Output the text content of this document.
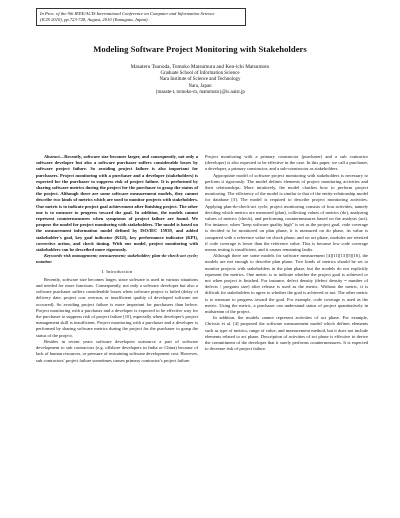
In Proc. of the 9th IEEE/ACIS International Conference on Computer and Information Science
(ICIS 2010), pp.723-728, August, 2010 (Yamagata, Japan).
Modeling Software Project Monitoring with Stakeholders
Masateru Tsunoda, Tomoko Matsumura and Ken-ichi Matsumoto
Graduate School of Information Science
Nara Institute of Science and Technology
Nara, Japan
{masate-t, tomoko-m, matumoto}@is.naist.jp

Abstract—Recently, software size becomes larger, and consequently, not only a software developer but also a software purchaser suffers considerable losses by software project failure. So avoiding project failure is also important for purchasers. Project monitoring with a purchaser and a developer (stakeholders) is expected for the purchaser to suppress risk of project failure. It is performed by sharing software metrics during the project for the purchaser to grasp the status of the project. Although there are some software measurement models, they cannot describe two kinds of metrics which are used to monitor projects with stakeholders. One metric is to indicate project goal achievement after finishing project. The other one is to measure to progress toward the goal. In addition, the models cannot represent countermeasures when symptoms of project failure are found. We propose the model for project monitoring with stakeholders. The model is based on the measurement information model defined by ISO/IEC 15939, and added stakeholder's goal, key goal indicator (KGI), key performance indicator (KPI), corrective action, and check timing. With our model, project monitoring with stakeholders can be described more rigorously.

Keywords-risk management; measurement; stakeholder; plan-do-check-act cycle; notation

I. Introduction

Recently, software size becomes larger, since software is used in various situations and needed for more functions. Consequently, not only a software developer but also a software purchaser suffers considerable losses when software project is failed (delay of delivery date, project cost overrun, or insufficient quality of developed software are occurred). So avoiding project failure is more important for purchasers than before. Project monitoring with a purchaser and a developer is expected to be effective way for the purchaser to suppress risk of project failure [10], especially when developer's project management skill is insufficient. Project monitoring with a purchaser and a developer is performed by sharing software metrics during the project for the purchaser to grasp the status of the project.

Besides in recent years software developers outsource a part of software development to sub contractors (e.g. offshore developers in India or China) because of lack of human resources, or pressure of restraining software development cost. However, sub contractors' project failure sometimes causes primary contractor's project failure.

Project monitoring with a primary constructor (purchaser) and a sub contractor (developer) is also expected to be effective in the case. In this paper, we call a purchaser, a developer, a primary constructor, and a sub-constructor as stakeholders.

Appropriate model of software project monitoring with stakeholders is necessary to perform it rigorously. The model defines elements of project monitoring activities and their relationships. More intuitively, the model clarifies how to perform project monitoring. The efficiency of the model is similar to that of the entity-relationship model for database [3]. The model is required to describe project monitoring activities. Applying plan-do-check-act cycle, project monitoring consists of four activities, namely deciding which metrics are measured (plan), collecting values of metrics (do), analyzing values of metrics (check), and performing countermeasures based on the analysis (act). For instance, when "keep software quality high" is set as the project goal, code coverage is decided to be monitored on plan phase, it is measured on do phase, its value is compared with a reference value on check phase, and on act phase, modules are retested if code coverage is lower than the reference value. This is because low code coverage means testing is insufficient, and it causes remaining faults.

Although there are some models for software measurement [4][11][13][5][16], the models are not enough to describe plan phase. Two kinds of metrics should be set to monitor projects with stakeholders in the plan phase, but the models do not explicitly represent the metrics. One metric is to indicate whether the project goal is achieved or not when project is finished. For instance, defect density (defect density = number of defects / program size) after release is used as the metric. Without the metric, it is difficult for stakeholders to agree to whether the goal is achieved or not. The other metric is to measure to progress toward the goal. For example, code coverage is used as the metric. Using the metric, a purchaser can understand status of project quantitatively in midstream of the project.

In addition, the models cannot represent activities of act phase. For example, Chrissis et al. [4] proposed the software measurement model which defines elements such as type of metrics, range of value, and measurement method, but it does not include elements related to act phase. Description of activities of act phase is effective to derive the commitment of the developer that it surely performs countermeasures. It is expected to decrease risk of project failure.
